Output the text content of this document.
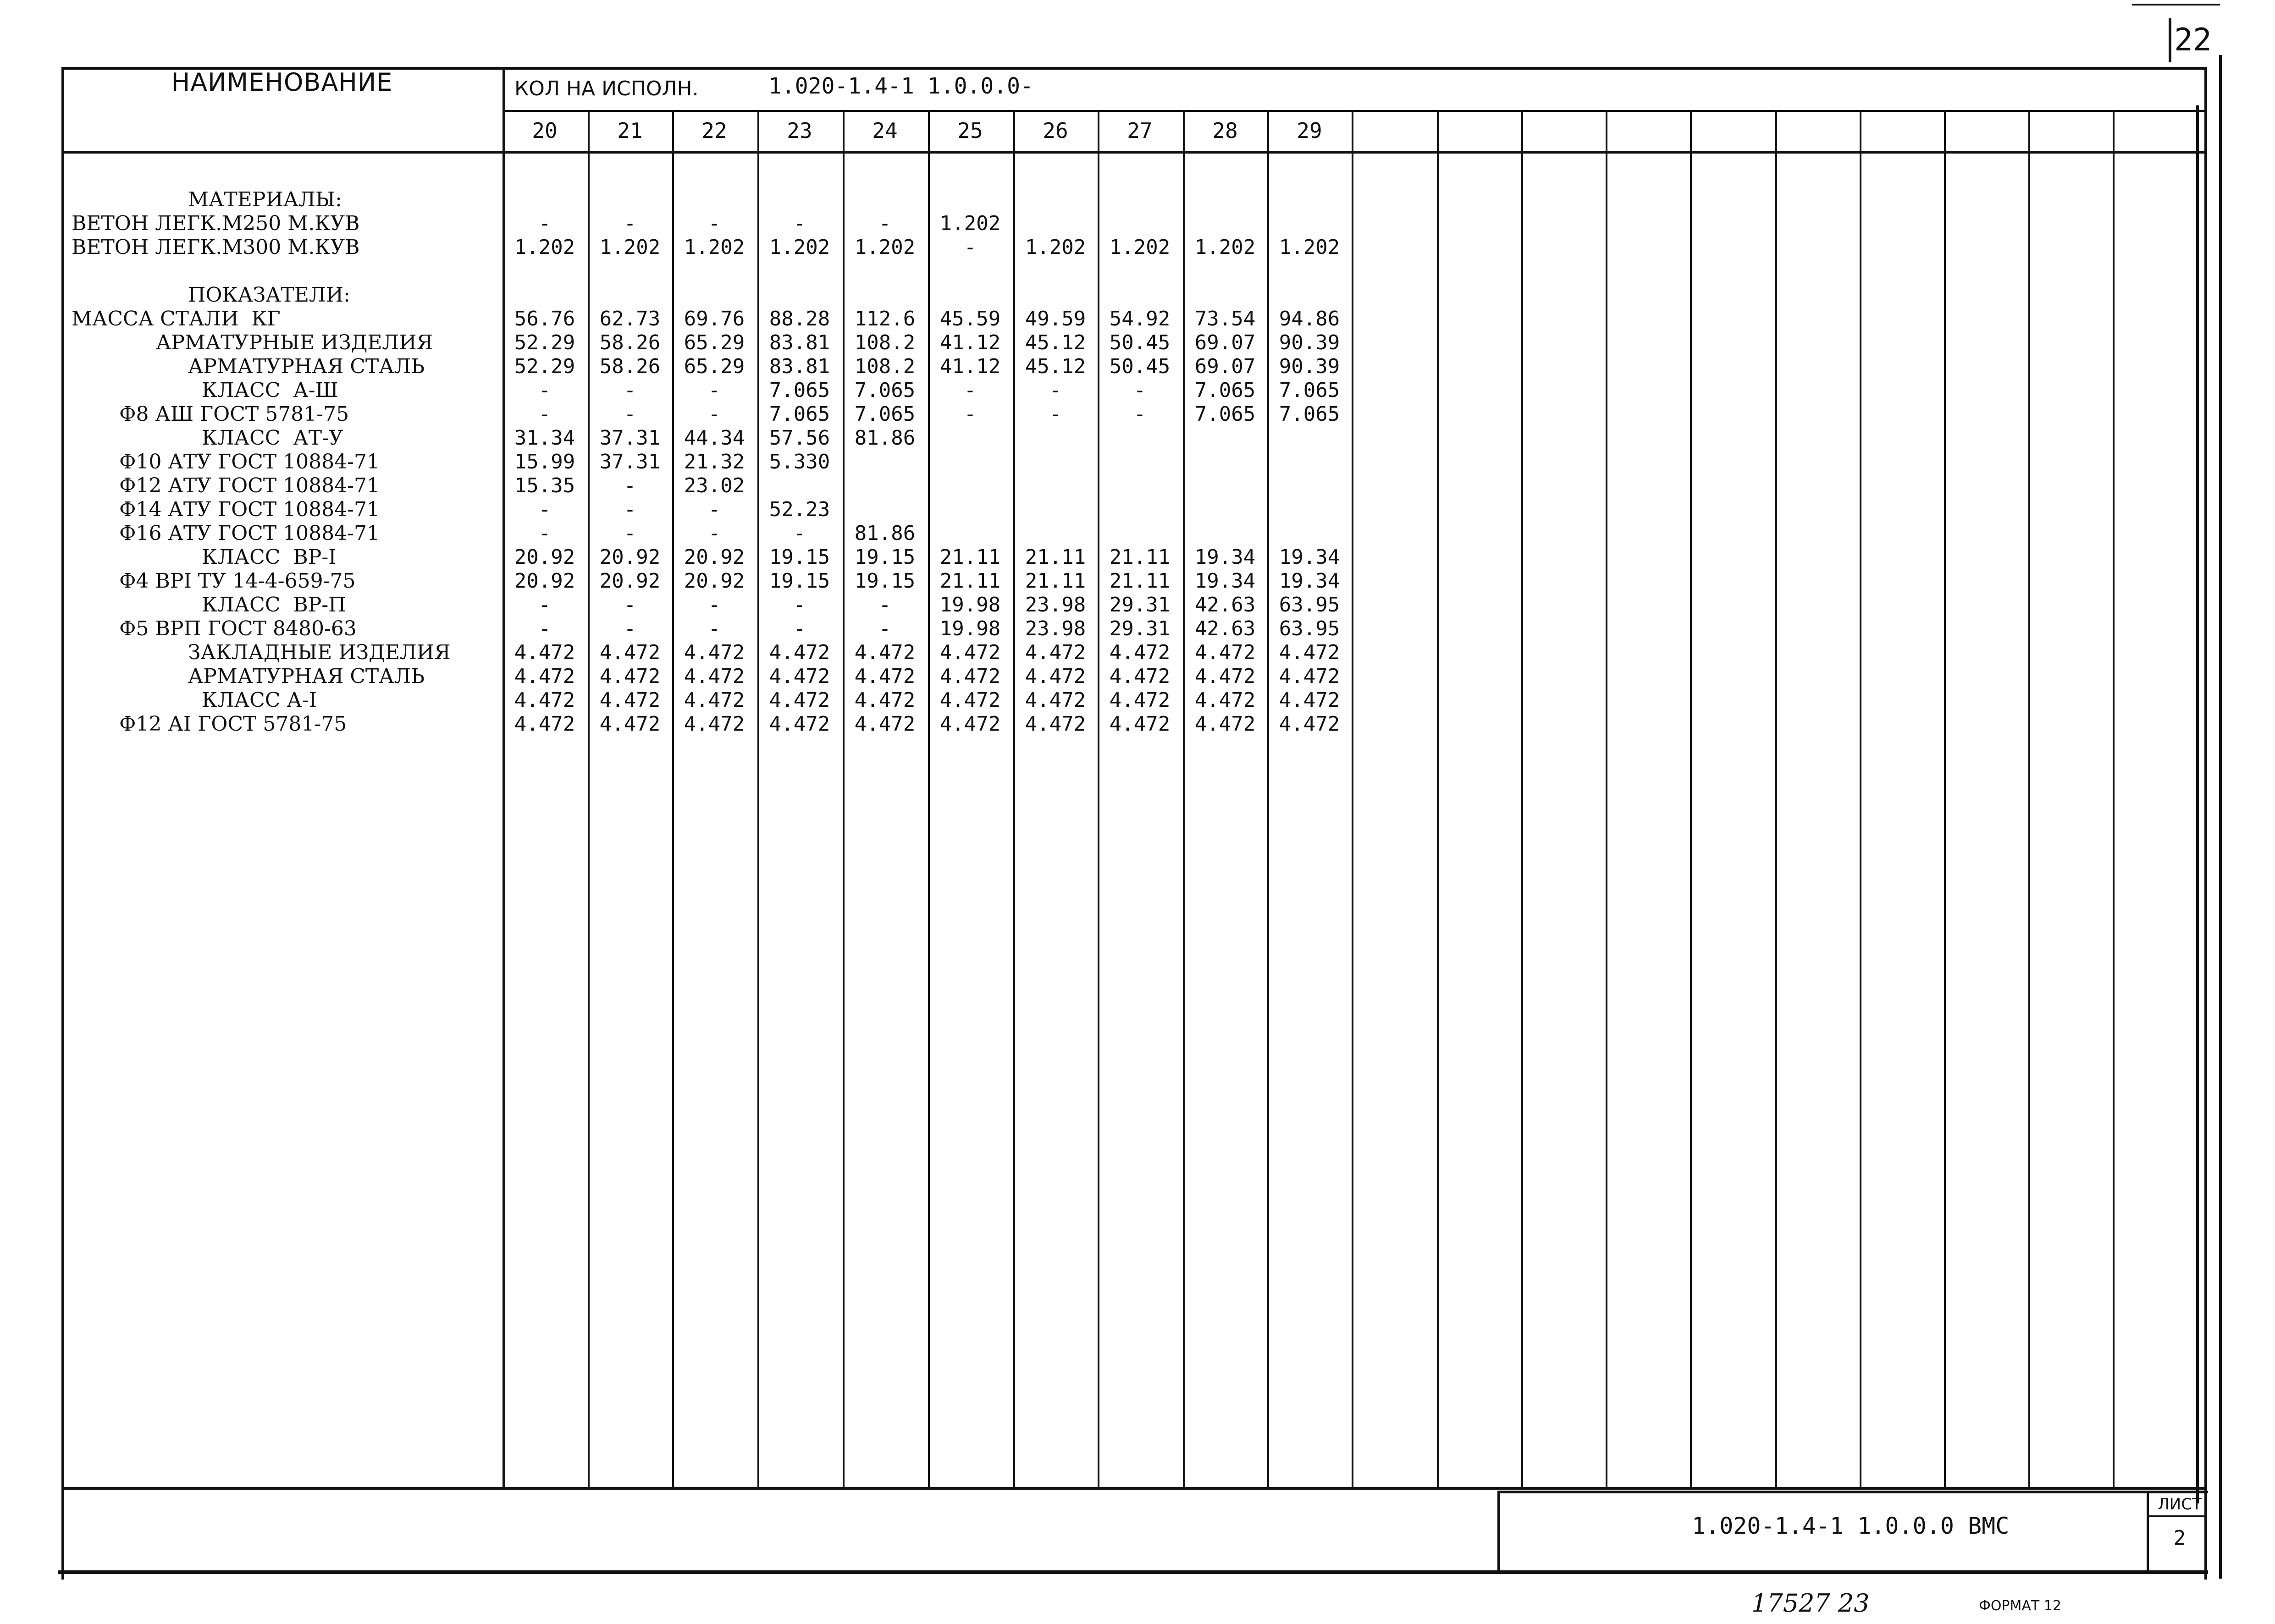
22
НАИМЕНОВАНИЕ	КОЛ НА ИСПОЛН.	1.020-1.4-1 1.0.0.0-
20	21	22	23	24	25	26	27	28	29
МАТЕРИАЛЫ:
ВЕТОН ЛЕГК.М250 М.КУВ	-	-	-	-	-	1.202
ВЕТОН ЛЕГК.М300 М.КУВ	1.202	1.202	1.202	1.202	1.202	-	1.202	1.202	1.202	1.202
ПОКАЗАТЕЛИ:
МАССА СТАЛИ  КГ	56.76	62.73	69.76	88.28	112.6	45.59	49.59	54.92	73.54	94.86
АРМАТУРНЫЕ ИЗДЕЛИЯ	52.29	58.26	65.29	83.81	108.2	41.12	45.12	50.45	69.07	90.39
АРМАТУРНАЯ СТАЛЬ	52.29	58.26	65.29	83.81	108.2	41.12	45.12	50.45	69.07	90.39
КЛАСС  А-Ш	-	-	-	7.065	7.065	-	-	-	7.065	7.065
Ф8 АШ ГОСТ 5781-75	-	-	-	7.065	7.065	-	-	-	7.065	7.065
КЛАСС  АТ-У	31.34	37.31	44.34	57.56	81.86
Ф10 АТУ ГОСТ 10884-71	15.99	37.31	21.32	5.330
Ф12 АТУ ГОСТ 10884-71	15.35	-	23.02
Ф14 АТУ ГОСТ 10884-71	-	-	-	52.23
Ф16 АТУ ГОСТ 10884-71	-	-	-	-	81.86
КЛАСС  ВР-I	20.92	20.92	20.92	19.15	19.15	21.11	21.11	21.11	19.34	19.34
Ф4 ВРI ТУ 14-4-659-75	20.92	20.92	20.92	19.15	19.15	21.11	21.11	21.11	19.34	19.34
КЛАСС  ВР-П	-	-	-	-	-	19.98	23.98	29.31	42.63	63.95
Ф5 ВРП ГОСТ 8480-63	-	-	-	-	-	19.98	23.98	29.31	42.63	63.95
ЗАКЛАДНЫЕ ИЗДЕЛИЯ	4.472	4.472	4.472	4.472	4.472	4.472	4.472	4.472	4.472	4.472
АРМАТУРНАЯ СТАЛЬ	4.472	4.472	4.472	4.472	4.472	4.472	4.472	4.472	4.472	4.472
КЛАСС А-I	4.472	4.472	4.472	4.472	4.472	4.472	4.472	4.472	4.472	4.472
Ф12 АI ГОСТ 5781-75	4.472	4.472	4.472	4.472	4.472	4.472	4.472	4.472	4.472	4.472
1.020-1.4-1 1.0.0.0 ВМС
ЛИСТ
2
17527 23	ФОРМАТ 12
